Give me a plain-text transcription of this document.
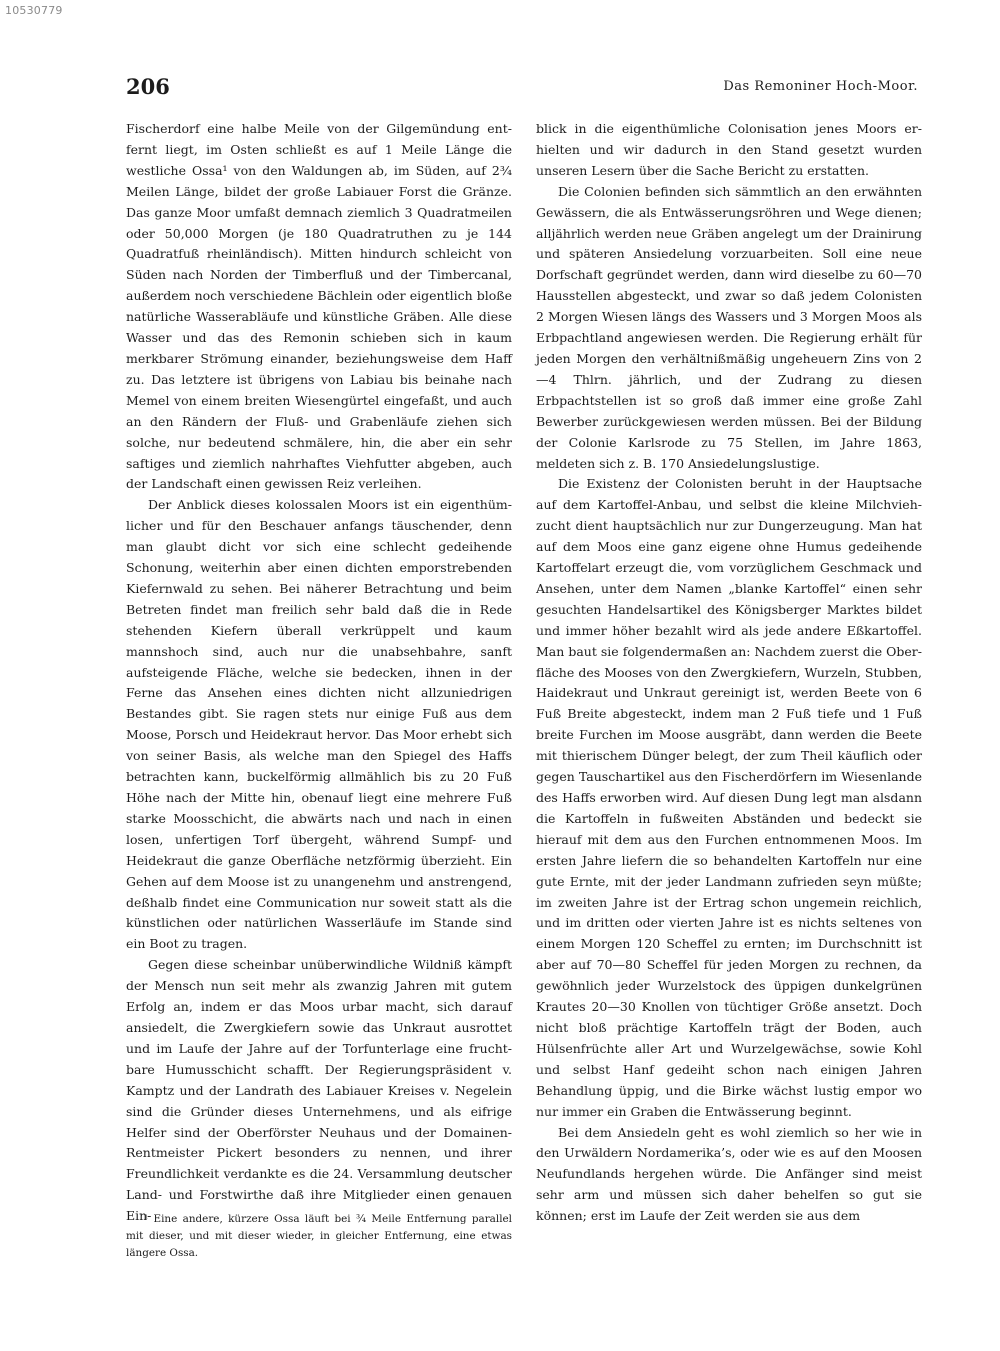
10530779
206	Das Remoniner Hoch-Moor.

Fischerdorf eine halbe Meile von der Gilgemündung entfernt liegt, im Osten schließt es auf 1 Meile Länge die westliche Ossa¹ von den Waldungen ab, im Süden, auf 2¾ Meilen Länge, bildet der große Labiauer Forst die Gränze. Das ganze Moor umfaßt demnach ziemlich 3 Quadratmeilen oder 50,000 Morgen (je 180 Quadratruthen zu je 144 Quadratfuß rheinländisch). Mitten hindurch schleicht von Süden nach Norden der Timberfluß und der Timbercanal, außerdem noch verschiedene Bächlein oder eigentlich bloße natürliche Wasserabläufe und künstliche Gräben. Alle diese Wasser und das des Remonin schieben sich in kaum merkbarer Strömung einander, beziehungsweise dem Haff zu. Das letztere ist übrigens von Labiau bis beinahe nach Memel von einem breiten Wiesengürtel eingefaßt, und auch an den Rändern der Fluß- und Grabenläufe ziehen sich solche, nur bedeutend schmälere, hin, die aber ein sehr saftiges und ziemlich nahrhaftes Viehfutter abgeben, auch der Landschaft einen gewissen Reiz verleihen.

Der Anblick dieses kolossalen Moors ist ein eigenthümlicher und für den Beschauer anfangs täuschender, denn man glaubt dicht vor sich eine schlecht gedeihende Schonung, weiterhin aber einen dichten emporstrebenden Kiefernwald zu sehen. Bei näherer Betrachtung und beim Betreten findet man freilich sehr bald daß die in Rede stehenden Kiefern überall verkrüppelt und kaum mannshoch sind, auch nur die unabsehbahre, sanft aufsteigende Fläche, welche sie bedecken, ihnen in der Ferne das Ansehen eines dichten nicht allzuniedrigen Bestandes gibt. Sie ragen stets nur einige Fuß aus dem Moose, Porsch und Heidekraut hervor. Das Moor erhebt sich von seiner Basis, als welche man den Spiegel des Haffs betrachten kann, buckelförmig allmählich bis zu 20 Fuß Höhe nach der Mitte hin, obenauf liegt eine mehrere Fuß starke Moosschicht, die abwärts nach und nach in einen losen, unfertigen Torf übergeht, während Sumpf- und Heidekraut die ganze Oberfläche netzförmig überzieht. Ein Gehen auf dem Moose ist zu unangenehm und anstrengend, deßhalb findet eine Communication nur soweit statt als die künstlichen oder natürlichen Wasserläufe im Stande sind ein Boot zu tragen.

Gegen diese scheinbar unüberwindliche Wildniß kämpft der Mensch nun seit mehr als zwanzig Jahren mit gutem Erfolg an, indem er das Moos urbar macht, sich darauf ansiedelt, die Zwergkiefern sowie das Unkraut ausrottet und im Laufe der Jahre auf der Torfunterlage eine fruchtbare Humusschicht schafft. Der Regierungspräsident v. Kamptz und der Landrath des Labiauer Kreises v. Negelein sind die Gründer dieses Unternehmens, und als eifrige Helfer sind der Oberförster Neuhaus und der Domainen-Rentmeister Pickert besonders zu nennen, und ihrer Freundlichkeit verdankte es die 24. Versammlung deutscher Land- und Forstwirthe daß ihre Mitglieder einen genauen Ein-

blick in die eigenthümliche Colonisation jenes Moors erhielten und wir dadurch in den Stand gesetzt wurden unseren Lesern über die Sache Bericht zu erstatten.

Die Colonien befinden sich sämmtlich an den erwähnten Gewässern, die als Entwässerungsröhren und Wege dienen; alljährlich werden neue Gräben angelegt um der Drainirung und späteren Ansiedelung vorzuarbeiten. Soll eine neue Dorfschaft gegründet werden, dann wird dieselbe zu 60—70 Hausstellen abgesteckt, und zwar so daß jedem Colonisten 2 Morgen Wiesen längs des Wassers und 3 Morgen Moos als Erbpachtland angewiesen werden. Die Regierung erhält für jeden Morgen den verhältnißmäßig ungeheuern Zins von 2—4 Thlrn. jährlich, und der Zudrang zu diesen Erbpachtstellen ist so groß daß immer eine große Zahl Bewerber zurückgewiesen werden müssen. Bei der Bildung der Colonie Karlsrode zu 75 Stellen, im Jahre 1863, meldeten sich z. B. 170 Ansiedelungslustige.

Die Existenz der Colonisten beruht in der Hauptsache auf dem Kartoffel-Anbau, und selbst die kleine Milchviehzucht dient hauptsächlich nur zur Dungerzeugung. Man hat auf dem Moos eine ganz eigene ohne Humus gedeihende Kartoffelart erzeugt die, vom vorzüglichem Geschmack und Ansehen, unter dem Namen „blanke Kartoffel“ einen sehr gesuchten Handelsartikel des Königsberger Marktes bildet und immer höher bezahlt wird als jede andere Eßkartoffel. Man baut sie folgendermaßen an: Nachdem zuerst die Oberfläche des Mooses von den Zwergkiefern, Wurzeln, Stubben, Haidekraut und Unkraut gereinigt ist, werden Beete von 6 Fuß Breite abgesteckt, indem man 2 Fuß tiefe und 1 Fuß breite Furchen im Moose ausgräbt, dann werden die Beete mit thierischem Dünger belegt, der zum Theil käuflich oder gegen Tauschartikel aus den Fischerdörfern im Wiesenlande des Haffs erworben wird. Auf diesen Dung legt man alsdann die Kartoffeln in fußweiten Abständen und bedeckt sie hierauf mit dem aus den Furchen entnommenen Moos. Im ersten Jahre liefern die so behandelten Kartoffeln nur eine gute Ernte, mit der jeder Landmann zufrieden seyn müßte; im zweiten Jahre ist der Ertrag schon ungemein reichlich, und im dritten oder vierten Jahre ist es nichts seltenes von einem Morgen 120 Scheffel zu ernten; im Durchschnitt ist aber auf 70—80 Scheffel für jeden Morgen zu rechnen, da gewöhnlich jeder Wurzelstock des üppigen dunkelgrünen Krautes 20—30 Knollen von tüchtiger Größe ansetzt. Doch nicht bloß prächtige Kartoffeln trägt der Boden, auch Hülsenfrüchte aller Art und Wurzelgewächse, sowie Kohl und selbst Hanf gedeiht schon nach einigen Jahren Behandlung üppig, und die Birke wächst lustig empor wo nur immer ein Graben die Entwässerung beginnt.

Bei dem Ansiedeln geht es wohl ziemlich so her wie in den Urwäldern Nordamerika’s, oder wie es auf den Moosen Neufundlands hergehen würde. Die Anfänger sind meist sehr arm und müssen sich daher behelfen so gut sie können; erst im Laufe der Zeit werden sie aus dem

¹ Eine andere, kürzere Ossa läuft bei ¾ Meile Entfernung parallel mit dieser, und mit dieser wieder, in gleicher Entfernung, eine etwas längere Ossa.
